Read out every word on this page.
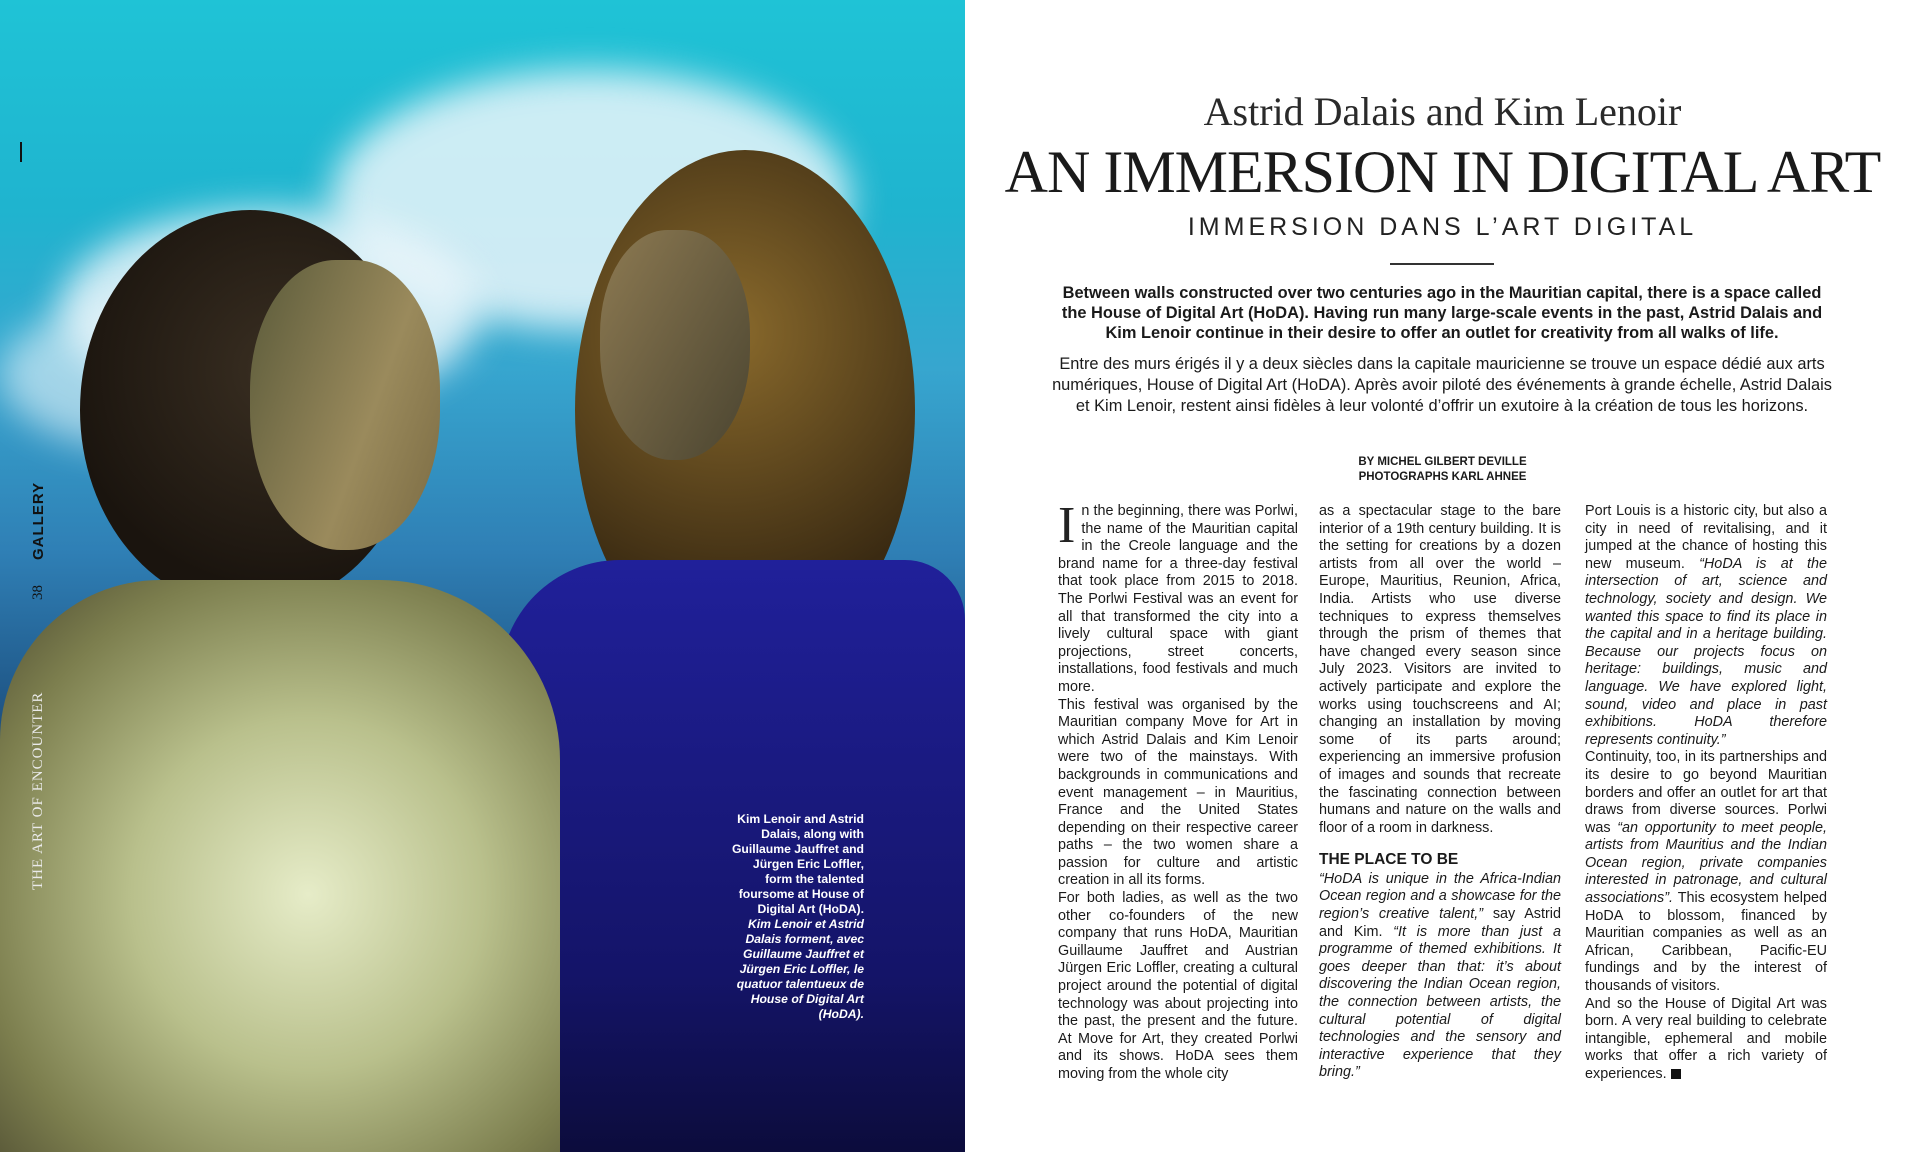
GALLERY
38
THE ART OF ENCOUNTER	Kim Lenoir and Astrid Dalais, along with Guillaume Jauffret and Jürgen Eric Loffler, form the talented foursome at House of Digital Art (HoDA).
Kim Lenoir et Astrid Dalais forment, avec Guillaume Jauffret et Jürgen Eric Loffler, le quatuor talentueux de House of Digital Art (HoDA).
Astrid Dalais and Kim Lenoir
AN IMMERSION IN DIGITAL ART
IMMERSION DANS L’ART DIGITAL
Between walls constructed over two centuries ago in the Mauritian capital, there is a space called the House of Digital Art (HoDA). Having run many large-scale events in the past, Astrid Dalais and Kim Lenoir continue in their desire to offer an outlet for creativity from all walks of life.
Entre des murs érigés il y a deux siècles dans la capitale mauricienne se trouve un espace dédié aux arts numériques, House of Digital Art (HoDA). Après avoir piloté des événements à grande échelle, Astrid Dalais et Kim Lenoir, restent ainsi fidèles à leur volonté d’offrir un exutoire à la création de tous les horizons.
BY MICHEL GILBERT DEVILLE
PHOTOGRAPHS KARL AHNEE

In the beginning, there was Porlwi, the name of the Mauritian capital in the Creole language and the brand name for a three-day festival that took place from 2015 to 2018. The Porlwi Festival was an event for all that transformed the city into a lively cultural space with giant projections, street concerts, installations, food festivals and much more.

This festival was organised by the Mauritian company Move for Art in which Astrid Dalais and Kim Lenoir were two of the mainstays. With backgrounds in communications and event management – in Mauritius, France and the United States depending on their respective career paths – the two women share a passion for culture and artistic creation in all its forms.

For both ladies, as well as the two other co-founders of the new company that runs HoDA, Mauritian Guillaume Jauffret and Austrian Jürgen Eric Loffler, creating a cultural project around the potential of digital technology was about projecting into the past, the present and the future. At Move for Art, they created Porlwi and its shows. HoDA sees them moving from the whole city

as a spectacular stage to the bare interior of a 19th century building. It is the setting for creations by a dozen artists from all over the world – Europe, Mauritius, Reunion, Africa, India. Artists who use diverse techniques to express themselves through the prism of themes that have changed every season since July 2023. Visitors are invited to actively participate and explore the works using touchscreens and AI; changing an installation by moving some of its parts around; experiencing an immersive profusion of images and sounds that recreate the fascinating connection between humans and nature on the walls and floor of a room in darkness.

THE PLACE TO BE

“HoDA is unique in the Africa-Indian Ocean region and a showcase for the region’s creative talent,” say Astrid and Kim. “It is more than just a programme of themed exhibitions. It goes deeper than that: it’s about discovering the Indian Ocean region, the connection between artists, the cultural potential of digital technologies and the sensory and interactive experience that they bring.”

Port Louis is a historic city, but also a city in need of revitalising, and it jumped at the chance of hosting this new museum. “HoDA is at the intersection of art, science and technology, society and design. We wanted this space to find its place in the capital and in a heritage building. Because our projects focus on heritage: buildings, music and language. We have explored light, sound, video and place in past exhibitions. HoDA therefore represents continuity.”

Continuity, too, in its partnerships and its desire to go beyond Mauritian borders and offer an outlet for art that draws from diverse sources. Porlwi was “an opportunity to meet people, artists from Mauritius and the Indian Ocean region, private companies interested in patronage, and cultural associations”. This ecosystem helped HoDA to blossom, financed by Mauritian companies as well as an African, Caribbean, Pacific-EU fundings and by the interest of thousands of visitors.

And so the House of Digital Art was born. A very real building to celebrate intangible, ephemeral and mobile works that offer a rich variety of experiences.
